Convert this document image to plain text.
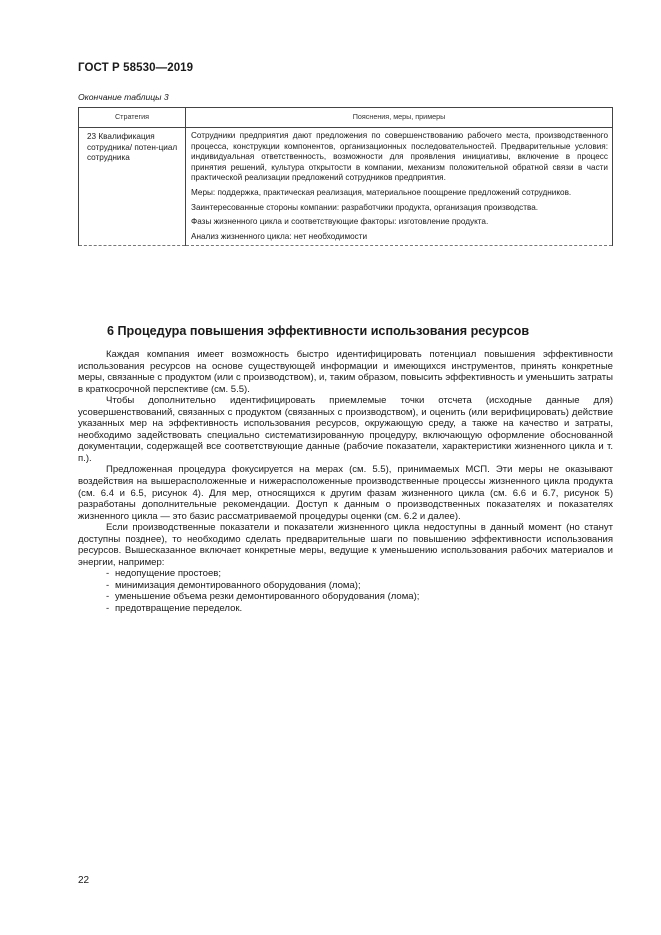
ГОСТ Р 58530—2019
Окончание таблицы 3
Стратегия	Пояснения, меры, примеры
23 Квалификация сотрудника/ потен-циал сотрудника	Сотрудники предприятия дают предложения по совершенствованию рабочего места, производственного процесса, конструкции компонентов, организационных последовательностей. Предварительные условия: индивидуальная ответственность, возможности для проявления инициативы, включение в процесс принятия решений, культура открытости в компании, механизм положительной обратной связи в части практической реализации предложений сотрудников предприятия.

Меры: поддержка, практическая реализация, материальное поощрение предложений сотрудников.

Заинтересованные стороны компании: разработчики продукта, организация производства.

Фазы жизненного цикла и соответствующие факторы: изготовление продукта.

Анализ жизненного цикла: нет необходимости

6 Процедура повышения эффективности использования ресурсов

Каждая компания имеет возможность быстро идентифицировать потенциал повышения эффективности использования ресурсов на основе существующей информации и имеющихся инструментов, принять конкретные меры, связанные с продуктом (или с производством), и, таким образом, повысить эффективность и уменьшить затраты в краткосрочной перспективе (см. 5.5).

Чтобы дополнительно идентифицировать приемлемые точки отсчета (исходные данные для) усовершенствований, связанных с продуктом (связанных с производством), и оценить (или верифицировать) действие указанных мер на эффективность использования ресурсов, окружающую среду, а также на качество и затраты, необходимо задействовать специально систематизированную процедуру, включающую оформление обоснованной документации, содержащей все соответствующие данные (рабочие показатели, характеристики жизненного цикла и т. п.).

Предложенная процедура фокусируется на мерах (см. 5.5), принимаемых МСП. Эти меры не оказывают воздействия на вышерасположенные и нижерасположенные производственные процессы жизненного цикла продукта (см. 6.4 и 6.5, рисунок 4). Для мер, относящихся к другим фазам жизненного цикла (см. 6.6 и 6.7, рисунок 5) разработаны дополнительные рекомендации. Доступ к данным о производственных показателях и показателях жизненного цикла — это базис рассматриваемой процедуры оценки (см. 6.2 и далее).

Если производственные показатели и показатели жизненного цикла недоступны в данный момент (но станут доступны позднее), то необходимо сделать предварительные шаги по повышению эффективности использования ресурсов. Вышесказанное включает конкретные меры, ведущие к уменьшению использования рабочих материалов и энергии, например:

- недопущение простоев;
- минимизация демонтированного оборудования (лома);
- уменьшение объема резки демонтированного оборудования (лома);
- предотвращение переделок.
22
